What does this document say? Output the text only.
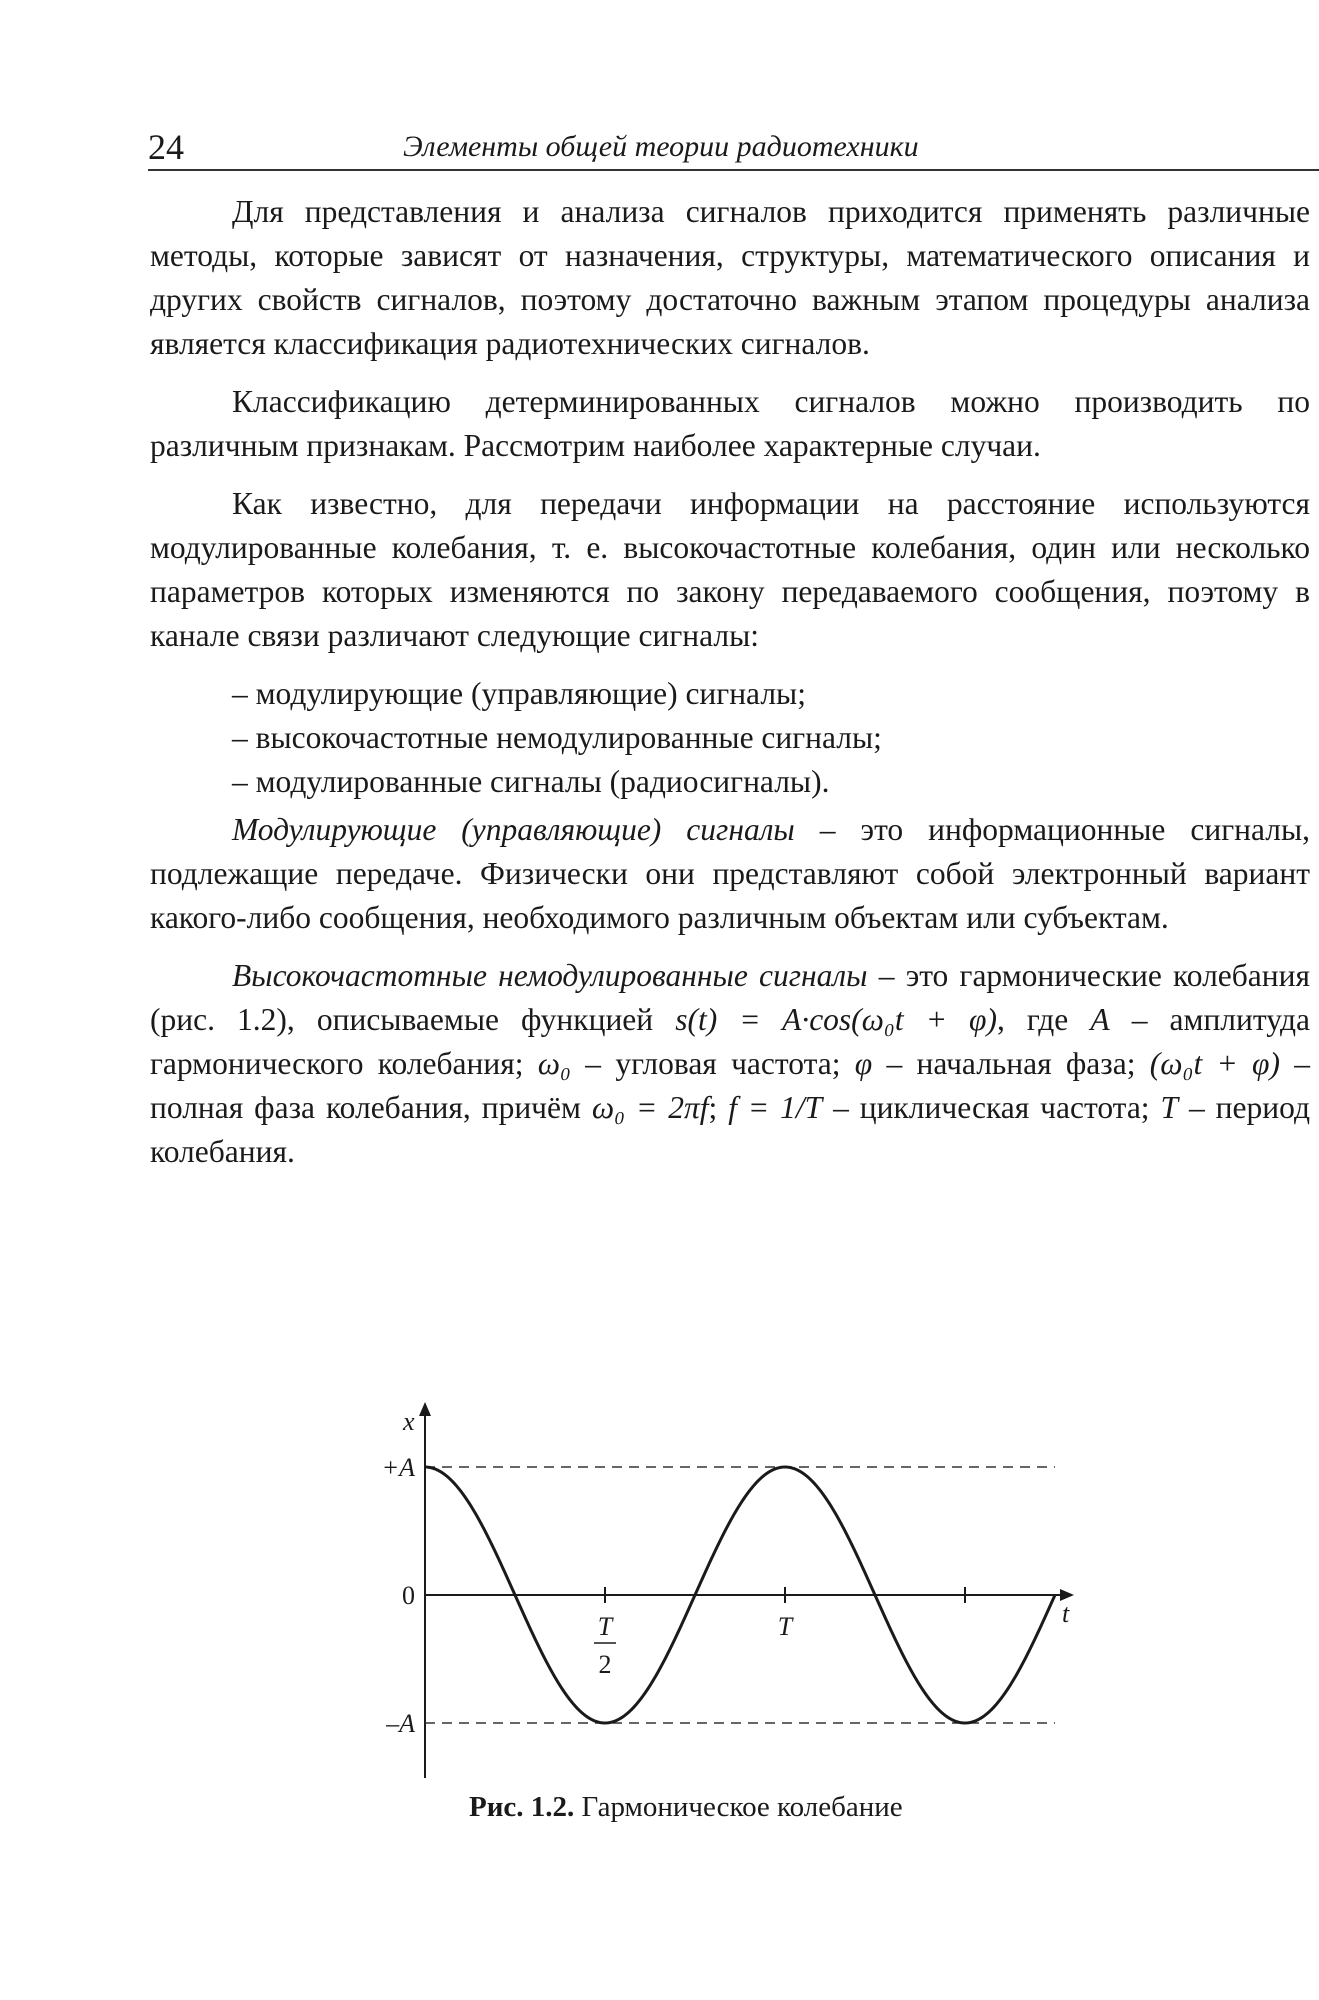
24	Элементы общей теории радиотехники

Для представления и анализа сигналов приходится применять различные методы, которые зависят от назначения, структуры, математического описания и других свойств сигналов, поэтому достаточно важным этапом процедуры анализа является классификация радиотехнических сигналов.

Классификацию детерминированных сигналов можно производить по различным признакам. Рассмотрим наиболее характерные случаи.

Как известно, для передачи информации на расстояние используются модулированные колебания, т. е. высокочастотные колебания, один или несколько параметров которых изменяются по закону передаваемого сообщения, поэтому в канале связи различают следующие сигналы:

– модулирующие (управляющие) сигналы;
– высокочастотные немодулированные сигналы;
– модулированные сигналы (радиосигналы).

Модулирующие (управляющие) сигналы – это информационные сигналы, подлежащие передаче. Физически они представляют собой электронный вариант какого-либо сообщения, необходимого различным объектам или субъектам.

Высокочастотные немодулированные сигналы – это гармонические колебания (рис. 1.2), описываемые функцией s(t) = A·cos(ω₀t + φ), где A – амплитуда гармонического колебания; ω₀ – угловая частота; φ – начальная фаза; (ω₀t + φ) – полная фаза колебания, причём ω₀ = 2πf; f = 1/T – циклическая частота; T – период колебания.

x
t
+A
0
–A
T
2
T
Рис. 1.2. Гармоническое колебание
